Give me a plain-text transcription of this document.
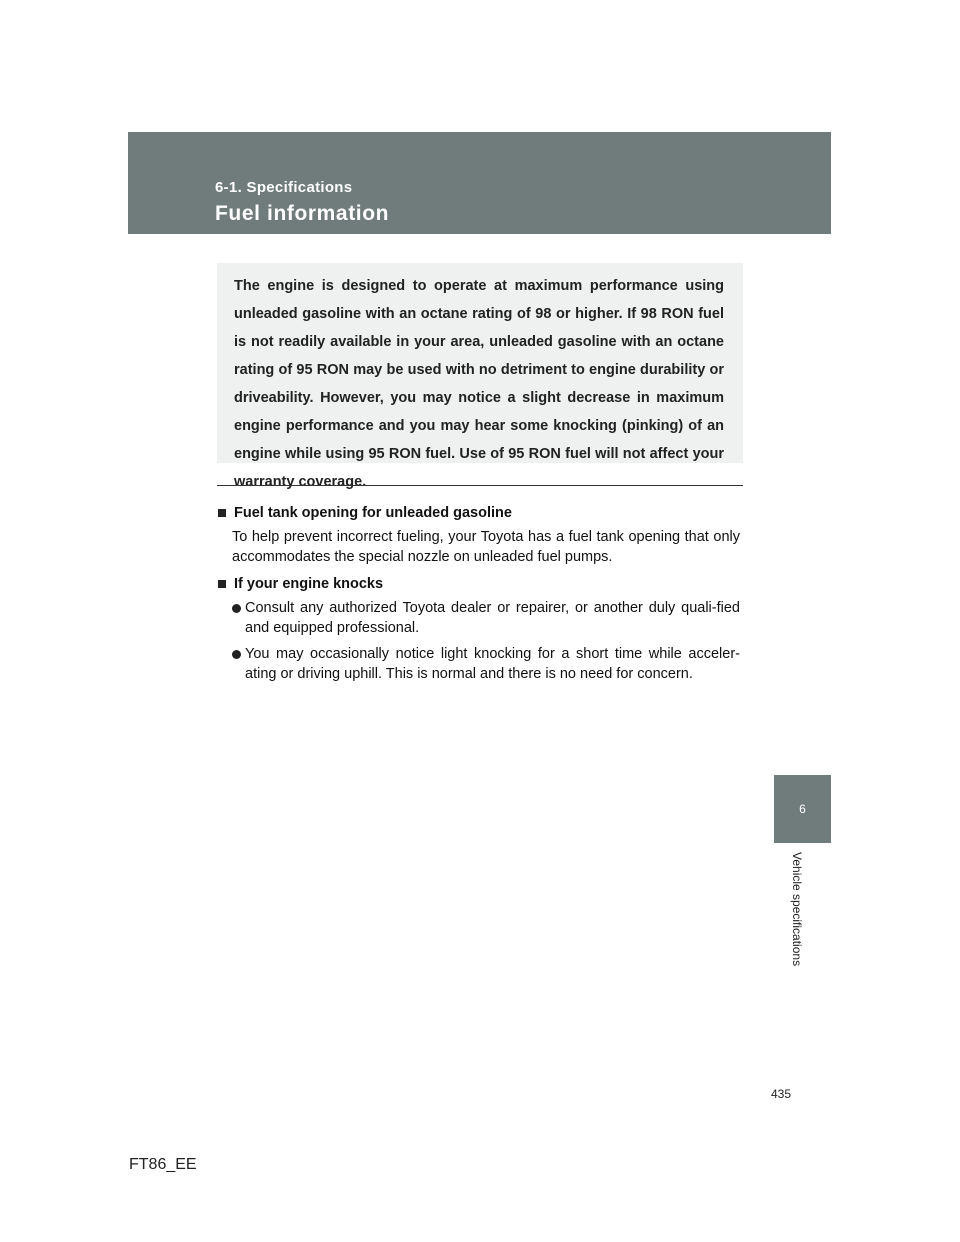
6-1. Specifications
Fuel information

The engine is designed to operate at maximum performance using unleaded gasoline with an octane rating of 98 or higher. If 98 RON fuel is not readily available in your area, unleaded gasoline with an octane rating of 95 RON may be used with no detriment to engine durability or driveability. However, you may notice a slight decrease in maximum engine performance and you may hear some knocking (pinking) of an engine while using 95 RON fuel. Use of 95 RON fuel will not affect your warranty coverage.

Fuel tank opening for unleaded gasoline

To help prevent incorrect fueling, your Toyota has a fuel tank opening that only accommodates the special nozzle on unleaded fuel pumps.

If your engine knocks
Consult any authorized Toyota dealer or repairer, or another duly quali-fied and equipped professional.
You may occasionally notice light knocking for a short time while acceler-ating or driving uphill. This is normal and there is no need for concern.
6
Vehicle specifications
435
FT86_EE
